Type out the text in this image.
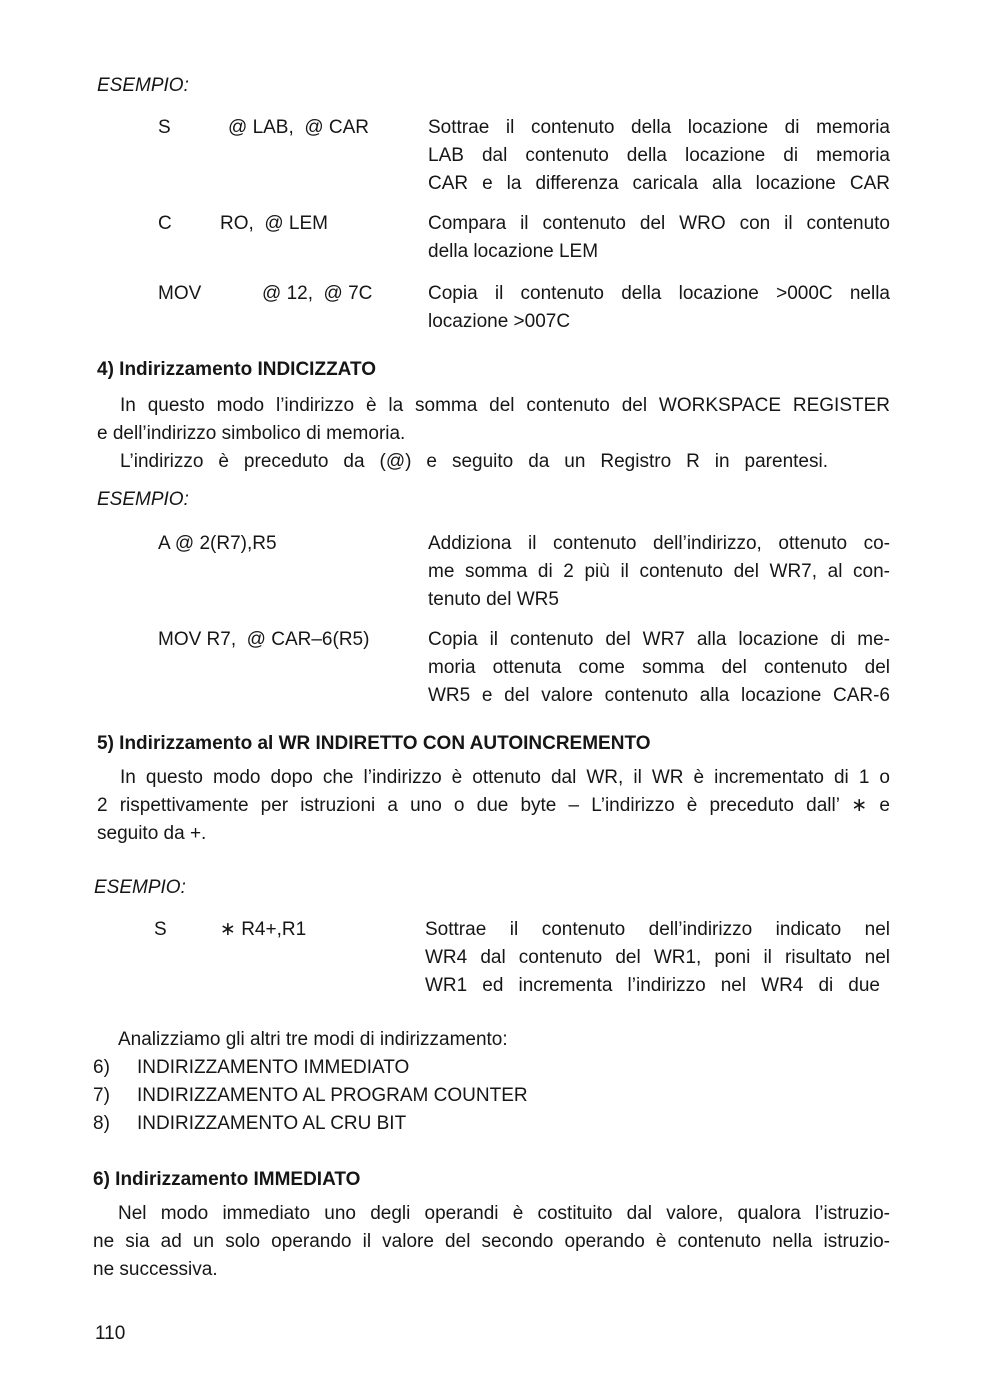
ESEMPIO:
S	@ LAB,  @ CAR	Sottrae il contenuto della locazione di memoria
LAB dal contenuto della locazione di memoria
CAR e la differenza caricala alla locazione CAR
C	RO,  @ LEM	Compara il contenuto del WRO con il contenuto
della locazione LEM
MOV	@ 12,  @ 7C	Copia il contenuto della locazione >000C nella
locazione >007C
4) Indirizzamento INDICIZZATO
In questo modo l’indirizzo è la somma del contenuto del WORKSPACE REGISTER
e dell’indirizzo simbolico di memoria.
L’indirizzo è preceduto da (@) e seguito da un Registro R in parentesi.
ESEMPIO:
A @ 2(R7),R5	Addiziona il contenuto dell’indirizzo, ottenuto co-
me somma di 2 più il contenuto del WR7, al con-
tenuto del WR5
MOV R7,  @ CAR–6(R5)	Copia il contenuto del WR7 alla locazione di me-
moria ottenuta come somma del contenuto del
WR5 e del valore contenuto alla locazione CAR-6
5) Indirizzamento al WR INDIRETTO CON AUTOINCREMENTO
In questo modo dopo che l’indirizzo è ottenuto dal WR, il WR è incrementato di 1 o
2 rispettivamente per istruzioni a uno o due byte – L’indirizzo è preceduto dall’ ∗ e
seguito da +.
ESEMPIO:
S	∗ R4+,R1	Sottrae il contenuto dell’indirizzo indicato nel
WR4 dal contenuto del WR1, poni il risultato nel
WR1 ed incrementa l’indirizzo nel WR4 di due
Analizziamo gli altri tre modi di indirizzamento:
6) INDIRIZZAMENTO IMMEDIATO
7) INDIRIZZAMENTO AL PROGRAM COUNTER
8) INDIRIZZAMENTO AL CRU BIT
6) Indirizzamento IMMEDIATO
Nel modo immediato uno degli operandi è costituito dal valore, qualora l’istruzio-
ne sia ad un solo operando il valore del secondo operando è contenuto nella istruzio-
ne successiva.
110
